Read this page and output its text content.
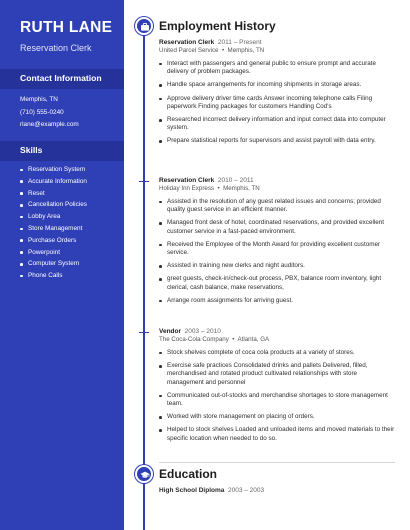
RUTH LANE
Reservation Clerk
Contact Information
Memphis, TN
(710) 555-0240
rlane@example.com
Skills
Reservation System
Accurate Information
Reset
Cancellation Policies
Lobby Area
Store Management
Purchase Orders
Powerpoint
Computer System
Phone Calls
Employment History
Reservation Clerk 2011 – Present
United Parcel Service  •  Memphis, TN
Interact with passengers and general public to ensure prompt and accurate delivery of problem packages.
Handle space arrangements for incoming shipments in storage areas.
Approve delivery driver time cards Answer incoming telephone calls Filing paperwork Finding packages for customers Handling Cod's
Researched incorrect delivery information and input correct data into computer system.
Prepare statistical reports for supervisors and assist payroll with data entry.
Reservation Clerk 2010 – 2011
Holiday Inn Express  •  Memphis, TN
Assisted in the resolution of any guest related issues and concerns; provided quality guest service in an efficient manner.
Managed front desk of hotel, coordinated reservations, and provided excellent customer service in a fast-paced environment.
Received the Employee of the Month Award for providing excellent customer service.
Assisted in training new clerks and night auditors.
greet guests, check-in/check-out process, PBX, balance room inventory, light clerical, cash balance, make reservations,
Arrange room assignments for arriving guest.
Vendor 2003 – 2010
The Coca-Cola Company  •  Atlanta, GA
Stock shelves complete of coca cola products at a variety of stores.
Exercise safe practices Consolidated drinks and pallets Delivered, filled, merchandised and rotated product cultivated relationships with store management and personnel
Communicated out-of-stocks and merchandise shortages to store management team.
Worked with store management on placing of orders.
Helped to stock shelves Loaded and unloaded items and moved materials to their specific location when needed to do so.
Education
High School Diploma 2003 – 2003
